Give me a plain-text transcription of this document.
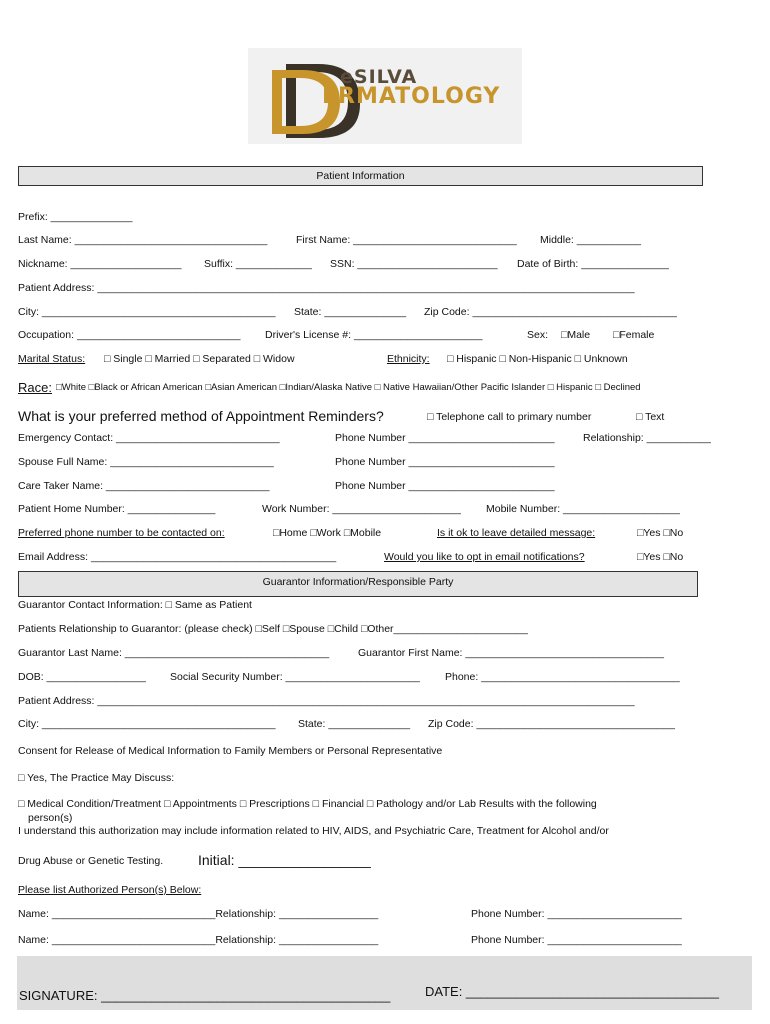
eSILVA
ERMATOLOGY
Patient Information
Prefix: ______________
Last Name: _________________________________	First Name: ____________________________ Middle: ___________
Nickname: ___________________ Suffix: _____________ SSN: ________________________ Date of Birth: _______________
Patient Address: ____________________________________________________________________________________________
City: ________________________________________ State: ______________ Zip Code: ___________________________________
Occupation: ____________________________ Driver's License #: ______________________	Sex: □Male □Female
Marital Status: □ Single □ Married □ Separated □ Widow	Ethnicity: □ Hispanic □ Non-Hispanic □ Unknown
Race: □White □Black or African American □Asian American □Indian/Alaska Native □ Native Hawaiian/Other Pacific Islander □ Hispanic □ Declined
What is your preferred method of Appointment Reminders?	□ Telephone call to primary number	□ Text
Emergency Contact: ____________________________	Phone Number _________________________	Relationship: ___________
Spouse Full Name: ____________________________	Phone Number _________________________
Care Taker Name: ____________________________	Phone Number _________________________
Patient Home Number: _______________	Work Number: ______________________ Mobile Number: ____________________
Preferred phone number to be contacted on:	□Home □Work □Mobile	Is it ok to leave detailed message:	□Yes □No
Email Address: __________________________________________	Would you like to opt in email notifications?	□Yes □No
Guarantor Information/Responsible Party
Guarantor Contact Information: □ Same as Patient
Patients Relationship to Guarantor: (please check) □Self □Spouse □Child □Other_______________________
Guarantor Last Name: ___________________________________	Guarantor First Name: __________________________________
DOB: _________________ Social Security Number: _______________________ Phone: __________________________________
Patient Address: ____________________________________________________________________________________________
City: ________________________________________ State: ______________ Zip Code: __________________________________
Consent for Release of Medical Information to Family Members or Personal Representative
□ Yes, The Practice May Discuss:
□ Medical Condition/Treatment □ Appointments □ Prescriptions □ Financial □ Pathology and/or Lab Results with the following
person(s)
I understand this authorization may include information related to HIV, AIDS, and Psychiatric Care, Treatment for Alcohol and/or
Drug Abuse or Genetic Testing. Initial: _________________
Please list Authorized Person(s) Below:
Name: ____________________________Relationship: _________________	Phone Number: _______________________
Name: ____________________________Relationship: _________________	Phone Number: _______________________
SIGNATURE: ________________________________________	DATE: ___________________________________
